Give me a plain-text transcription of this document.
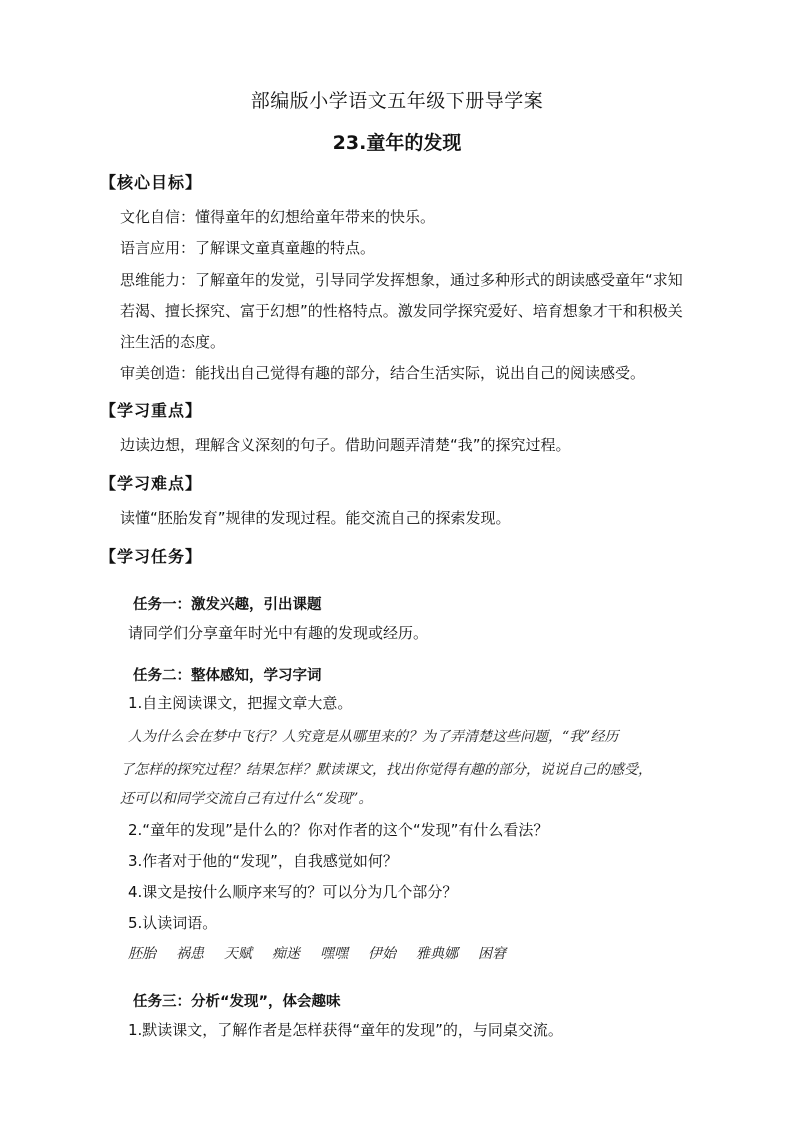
部编版小学语文五年级下册导学案
23.童年的发现
【核心目标】
文化自信：懂得童年的幻想给童年带来的快乐。
语言应用：了解课文童真童趣的特点。
思维能力：了解童年的发觉，引导同学发挥想象，通过多种形式的朗读感受童年“求知
若渴、擅长探究、富于幻想”的性格特点。激发同学探究爱好、培育想象才干和积极关
注生活的态度。
审美创造：能找出自己觉得有趣的部分，结合生活实际，说出自己的阅读感受。
【学习重点】
边读边想，理解含义深刻的句子。借助问题弄清楚“我”的探究过程。
【学习难点】
读懂“胚胎发育”规律的发现过程。能交流自己的探索发现。
【学习任务】
任务一：激发兴趣，引出课题
请同学们分享童年时光中有趣的发现或经历。
任务二：整体感知，学习字词
1.自主阅读课文，把握文章大意。
人为什么会在梦中飞行？人究竟是从哪里来的？为了弄清楚这些问题，“我”经历
了怎样的探究过程？结果怎样？默读课文，找出你觉得有趣的部分，说说自己的感受，
还可以和同学交流自己有过什么“发现”。
2.“童年的发现”是什么的？你对作者的这个“发现”有什么看法？
3.作者对于他的“发现”，自我感觉如何？
4.课文是按什么顺序来写的？可以分为几个部分？
5.认读词语。
胚胎 祸患 天赋 痴迷 嘿嘿 伊始 雅典娜 困窘
任务三：分析“发现”，体会趣味
1.默读课文，了解作者是怎样获得“童年的发现”的，与同桌交流。
